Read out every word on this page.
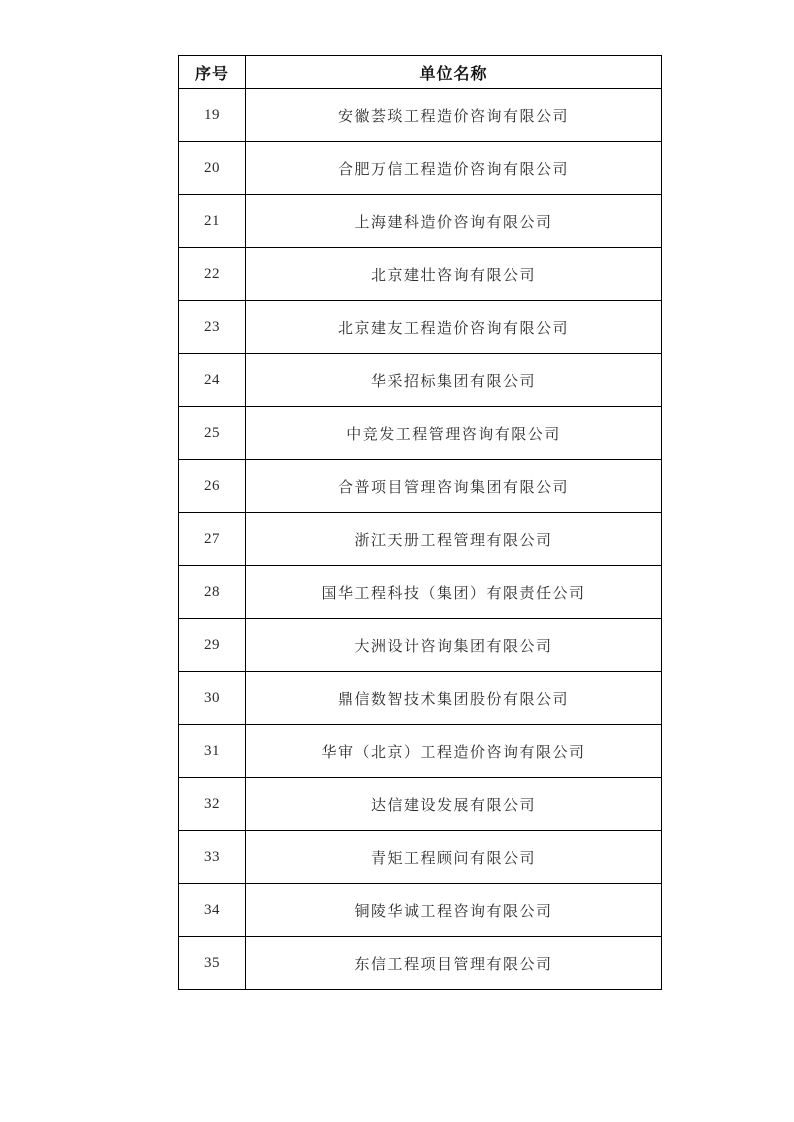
序号	单位名称
19	安徽荟琰工程造价咨询有限公司
20	合肥万信工程造价咨询有限公司
21	上海建科造价咨询有限公司
22	北京建壮咨询有限公司
23	北京建友工程造价咨询有限公司
24	华采招标集团有限公司
25	中竞发工程管理咨询有限公司
26	合普项目管理咨询集团有限公司
27	浙江天册工程管理有限公司
28	国华工程科技（集团）有限责任公司
29	大洲设计咨询集团有限公司
30	鼎信数智技术集团股份有限公司
31	华审（北京）工程造价咨询有限公司
32	达信建设发展有限公司
33	青矩工程顾问有限公司
34	铜陵华诚工程咨询有限公司
35	东信工程项目管理有限公司
